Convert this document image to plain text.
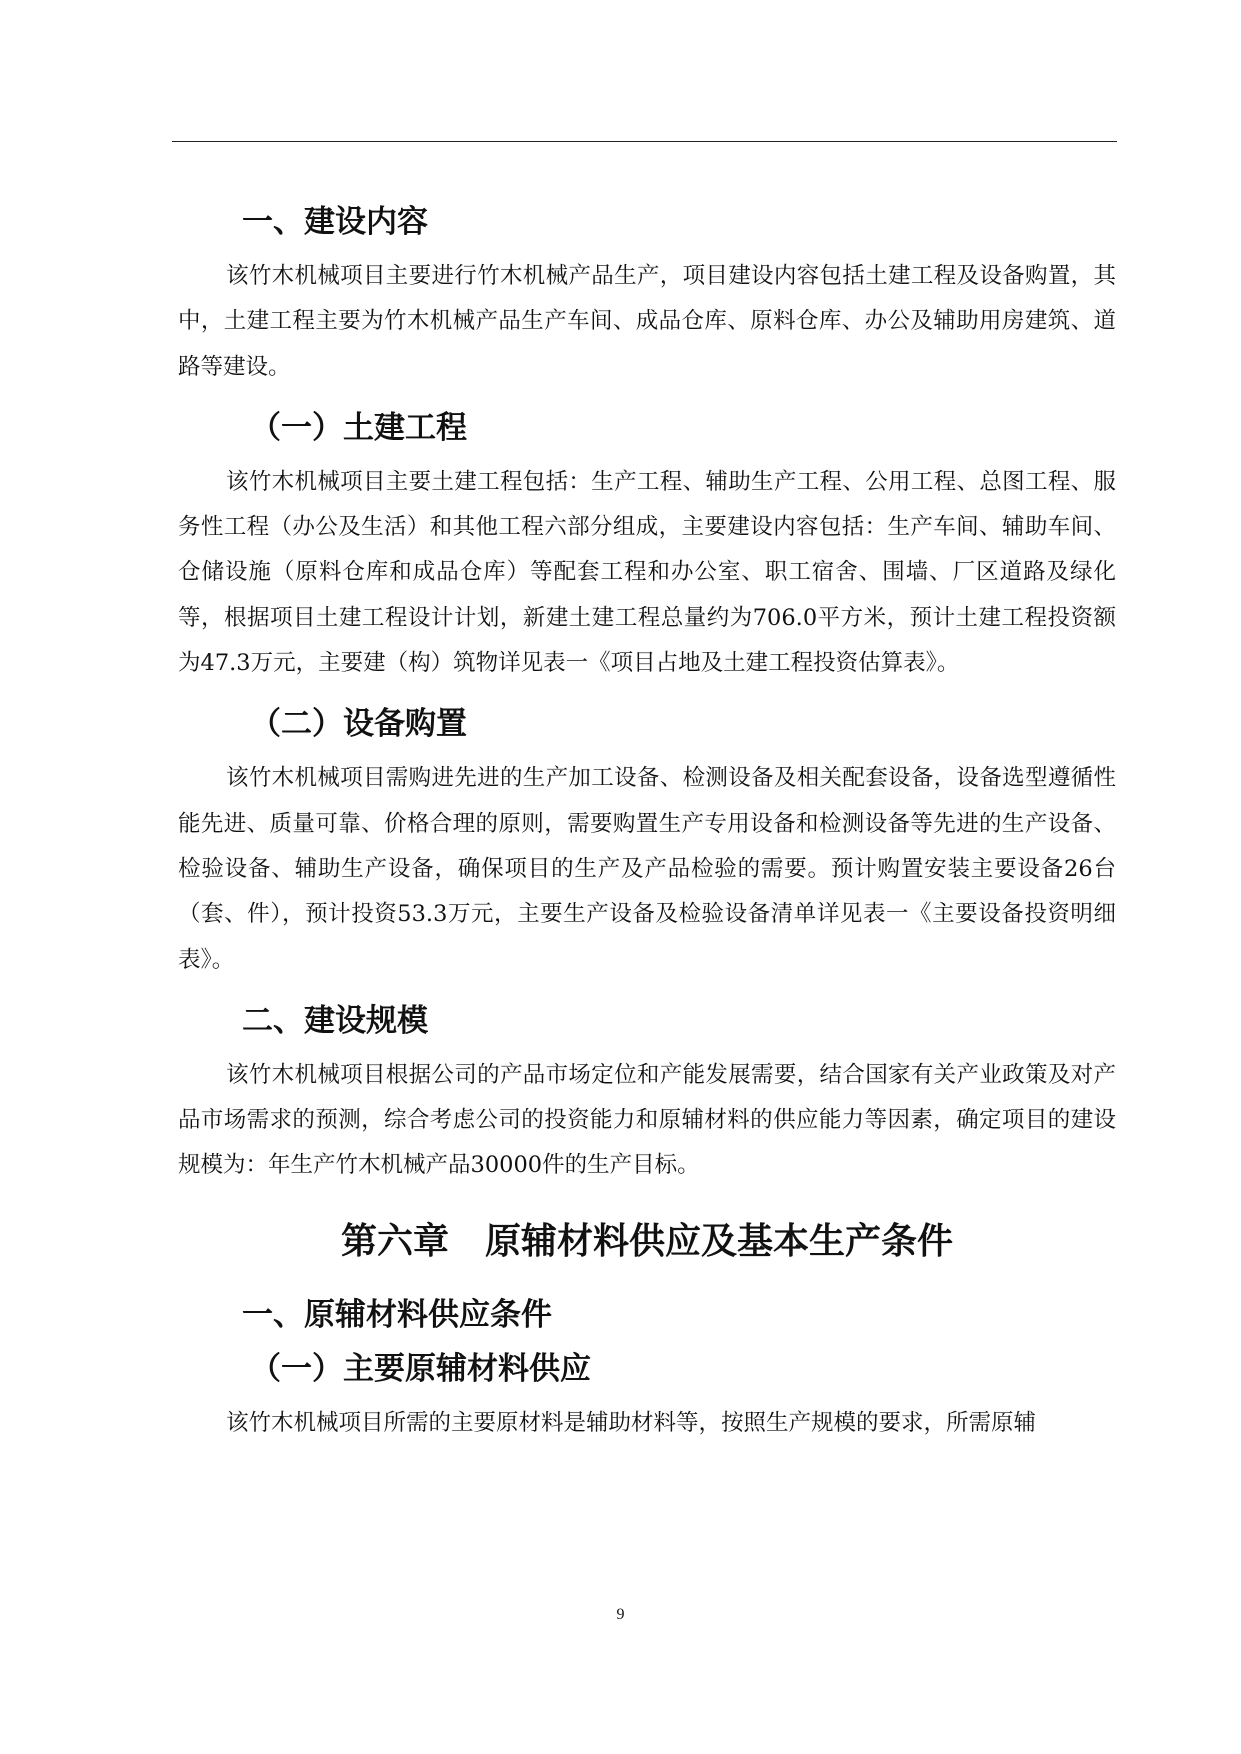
一、建设内容

该竹木机械项目主要进行竹木机械产品生产，项目建设内容包括土建工程及设备购置，其中，土建工程主要为竹木机械产品生产车间、成品仓库、原料仓库、办公及辅助用房建筑、道路等建设。

（一）土建工程

该竹木机械项目主要土建工程包括：生产工程、辅助生产工程、公用工程、总图工程、服务性工程（办公及生活）和其他工程六部分组成，主要建设内容包括：生产车间、辅助车间、仓储设施（原料仓库和成品仓库）等配套工程和办公室、职工宿舍、围墙、厂区道路及绿化等，根据项目土建工程设计计划，新建土建工程总量约为706.0平方米，预计土建工程投资额为47.3万元，主要建（构）筑物详见表一《项目占地及土建工程投资估算表》。

（二）设备购置

该竹木机械项目需购进先进的生产加工设备、检测设备及相关配套设备，设备选型遵循性能先进、质量可靠、价格合理的原则，需要购置生产专用设备和检测设备等先进的生产设备、检验设备、辅助生产设备，确保项目的生产及产品检验的需要。预计购置安装主要设备26台（套、件），预计投资53.3万元，主要生产设备及检验设备清单详见表一《主要设备投资明细表》。

二、建设规模

该竹木机械项目根据公司的产品市场定位和产能发展需要，结合国家有关产业政策及对产品市场需求的预测，综合考虑公司的投资能力和原辅材料的供应能力等因素，确定项目的建设规模为：年生产竹木机械产品30000件的生产目标。

第六章　原辅材料供应及基本生产条件
一、原辅材料供应条件
（一）主要原辅材料供应

该竹木机械项目所需的主要原材料是辅助材料等，按照生产规模的要求，所需原辅

9
